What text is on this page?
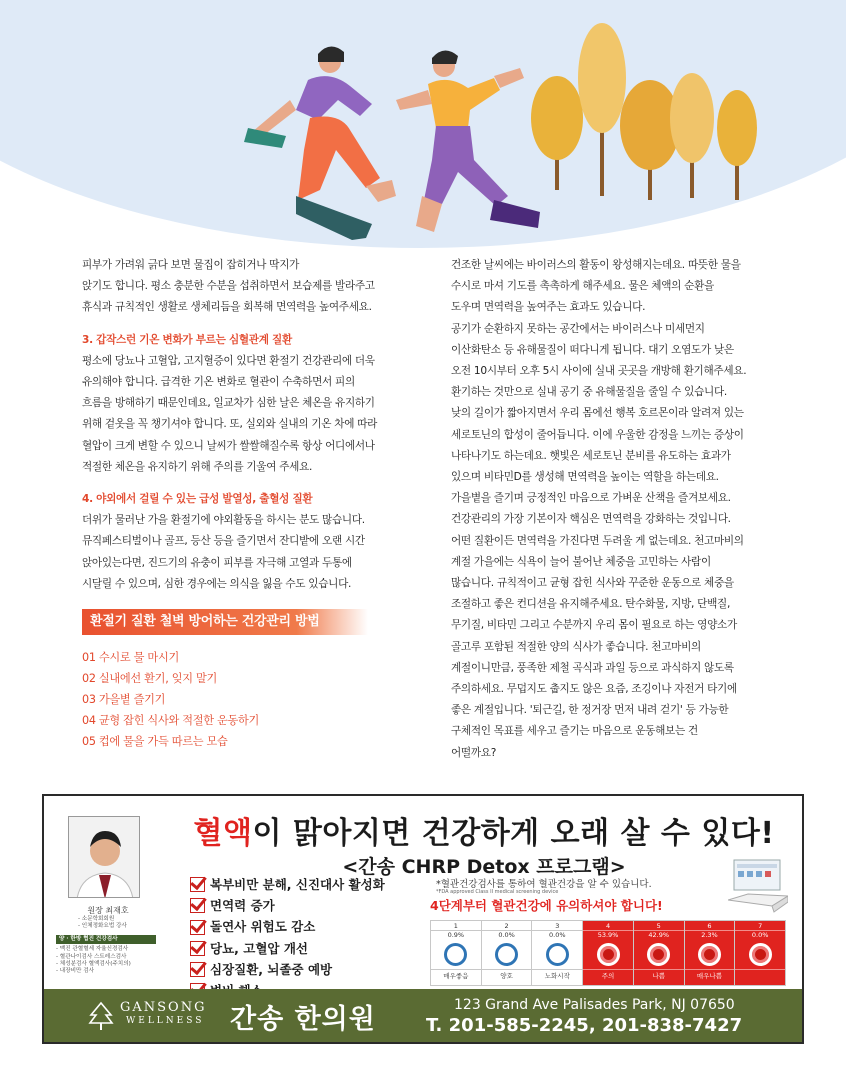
피부가 가려워 긁다 보면 물집이 잡히거나 딱지가

앉기도 합니다. 평소 충분한 수분을 섭취하면서 보습제를 발라주고

휴식과 규칙적인 생활로 생체리듬을 회복해 면역력을 높여주세요.

3. 갑작스런 기온 변화가 부르는 심혈관계 질환

평소에 당뇨나 고혈압, 고지혈증이 있다면 환절기 건강관리에 더욱

유의해야 합니다. 급격한 기온 변화로 혈관이 수축하면서 피의

흐름을 방해하기 때문인데요, 일교차가 심한 날은 체온을 유지하기

위해 겉옷을 꼭 챙기셔야 합니다. 또, 실외와 실내의 기온 차에 따라

혈압이 크게 변할 수 있으니 날씨가 쌀쌀해질수록 항상 어디에서나

적절한 체온을 유지하기 위해 주의를 기울여 주세요.

4. 야외에서 걸릴 수 있는 급성 발열성, 출혈성 질환

더위가 물러난 가을 환절기에 야외활동을 하시는 분도 많습니다.

뮤직페스티벌이나 골프, 등산 등을 즐기면서 잔디밭에 오랜 시간

앉아있는다면, 진드기의 유충이 피부를 자극해 고열과 두통에

시달릴 수 있으며, 심한 경우에는 의식을 잃을 수도 있습니다.

환절기 질환 철벽 방어하는 건강관리 방법
01 수시로 물 마시기
02 실내에선 환기, 잊지 말기
03 가을볕 즐기기
04 균형 잡힌 식사와 적절한 운동하기
05 컵에 물을 가득 따르는 모습

건조한 날씨에는 바이러스의 활동이 왕성해지는데요. 따뜻한 물을

수시로 마셔 기도를 촉촉하게 해주세요. 물은 체액의 순환을

도우며 면역력을 높여주는 효과도 있습니다.

공기가 순환하지 못하는 공간에서는 바이러스나 미세먼지

이산화탄소 등 유해물질이 떠다니게 됩니다. 대기 오염도가 낮은

오전 10시부터 오후 5시 사이에 실내 곳곳을 개방해 환기해주세요.

환기하는 것만으로 실내 공기 중 유해물질을 줄일 수 있습니다.

낮의 길이가 짧아지면서 우리 몸에선 행복 호르몬이라 알려져 있는

세로토닌의 합성이 줄어듭니다. 이에 우울한 감정을 느끼는 증상이

나타나기도 하는데요. 햇빛은 세로토닌 분비를 유도하는 효과가

있으며 비타민D를 생성해 면역력을 높이는 역할을 하는데요.

가을볕을 즐기며 긍정적인 마음으로 가벼운 산책을 즐겨보세요.

건강관리의 가장 기본이자 핵심은 면역력을 강화하는 것입니다.

어떤 질환이든 면역력을 가진다면 두려울 게 없는데요. 천고마비의

계절 가을에는 식욕이 늘어 불어난 체중을 고민하는 사람이

많습니다. 규칙적이고 균형 잡힌 식사와 꾸준한 운동으로 체중을

조절하고 좋은 컨디션을 유지해주세요. 탄수화물, 지방, 단백질,

무기질, 비타민 그리고 수분까지 우리 몸이 필요로 하는 영양소가

골고루 포함된 적절한 양의 식사가 좋습니다. 천고마비의

계절이니만큼, 풍족한 제철 곡식과 과일 등으로 과식하지 않도록

주의하세요. 무덥지도 춥지도 않은 요즘, 조깅이나 자전거 타기에

좋은 계절입니다. '퇴근길, 한 정거장 먼저 내려 걷기' 등 가능한

구체적인 목표를 세우고 즐기는 마음으로 운동해보는 건

어떨까요?

혈액이 맑아지면 건강하게 오래 살 수 있다!
<간송 CHRP Detox 프로그램>
원장 최재호
- 소문학회회원
- 인체정화요법 강사
양 · 한방 협진 건강검사
- 맥진 관혈혈세 자율신경검사
- 혈관나이검사 스트레스검사
- 체성분검사 혈액검사(주치의)
- 내장비만 검사
복부비만 분해, 신진대사 활성화
면역력 증가
돌연사 위험도 감소
당뇨, 고혈압 개선
심장질환, 뇌졸중 예방
*혈관건강검사를 통하여 혈관건강을 알 수 있습니다.
*FDA approved Class II medical screening device
4단계부터 혈관건강에 유의하셔야 합니다!
1
0.9%
매우좋음
2
0.0%
양호
3
0.0%
노화시작
4
53.9%
주의
5
42.9%
나쁨
6
2.3%
매우나쁨
7
0.0%
GANSONG
WELLNESS 간송 한의원	123 Grand Ave Palisades Park, NJ 07650
T. 201-585-2245, 201-838-7427
